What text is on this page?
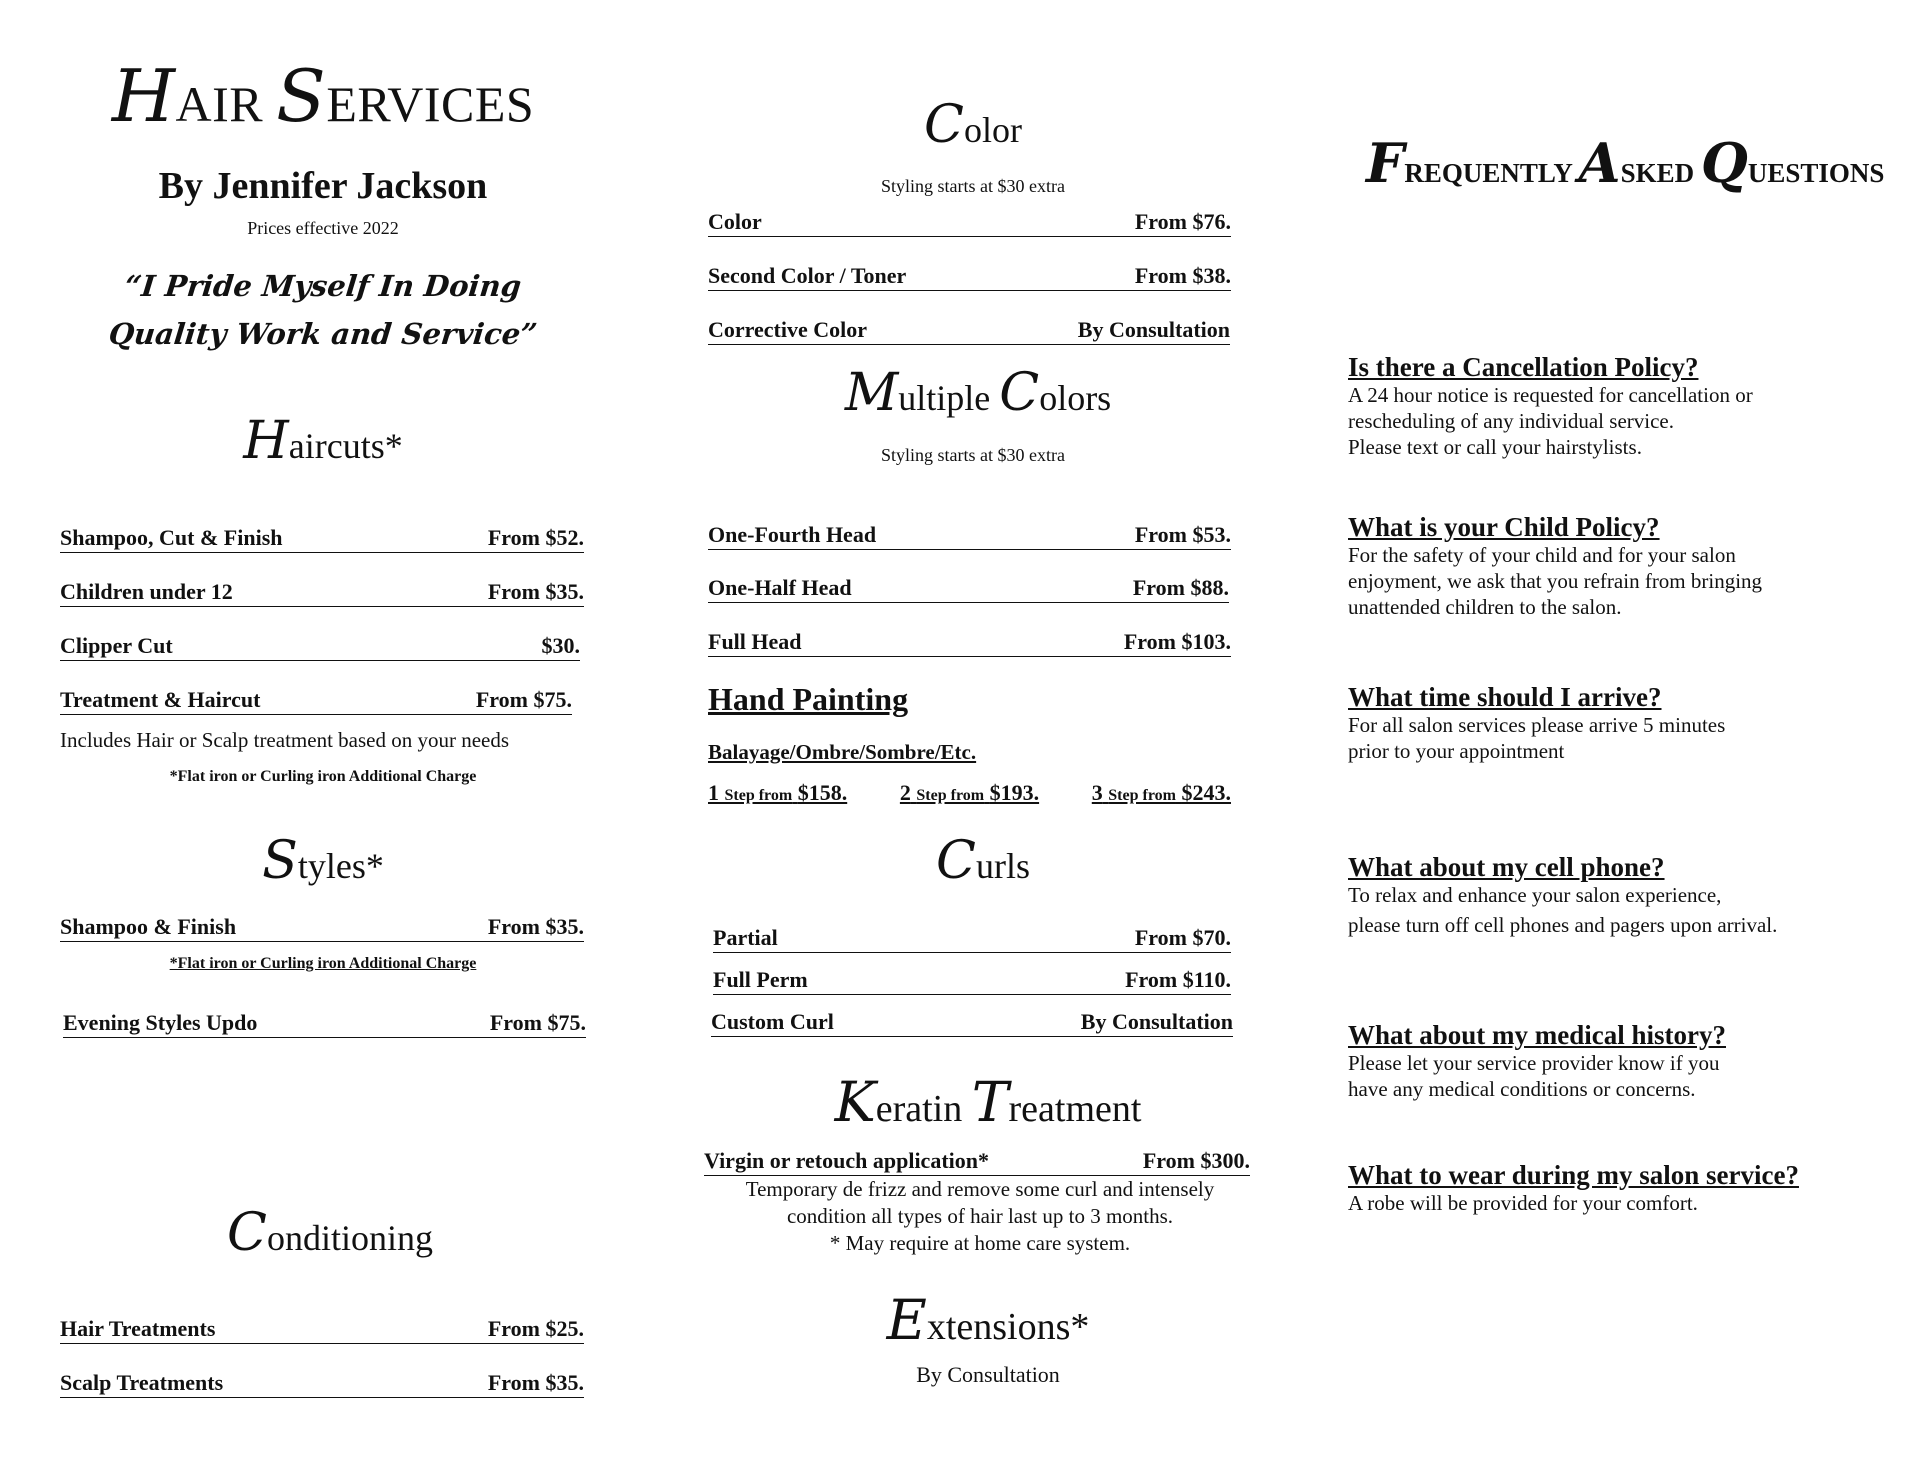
HAIR SERVICES
By Jennifer Jackson
Prices effective 2022
“I Pride Myself In Doing
Quality Work and Service”
Haircuts*
Shampoo, Cut & Finish	From $52.
Children under 12	From $35.
Clipper Cut	$30.
Treatment & Haircut	From $75.
Includes Hair or Scalp treatment based on your needs
*Flat iron or Curling iron Additional Charge
Styles*
Shampoo & Finish	From $35.
*Flat iron or Curling iron Additional Charge
Evening Styles Updo	From $75.
Conditioning
Hair Treatments	From $25.
Scalp Treatments	From $35.
Color
Styling starts at $30 extra
Color	From $76.
Second Color / Toner	From $38.
Corrective Color	By Consultation
Multiple Colors
Styling starts at $30 extra
One-Fourth Head	From $53.
One-Half Head	From $88.
Full Head	From $103.
Hand Painting
Balayage/Ombre/Sombre/Etc.
1 Step from $158. 2 Step from $193. 3 Step from $243.
Curls
Partial	From $70.
Full Perm	From $110.
Custom Curl	By Consultation
Keratin Treatment
Virgin or retouch application*	From $300.
Temporary de frizz and remove some curl and intensely
condition all types of hair last up to 3 months.
* May require at home care system.
Extensions*
By Consultation
FREQUENTLY ASKED QUESTIONS
Is there a Cancellation Policy?
A 24 hour notice is requested for cancellation or
rescheduling of any individual service.
Please text or call your hairstylists.
What is your Child Policy?
For the safety of your child and for your salon
enjoyment, we ask that you refrain from bringing
unattended children to the salon.
What time should I arrive?
For all salon services please arrive 5 minutes
prior to your appointment
What about my cell phone?
To relax and enhance your salon experience,
please turn off cell phones and pagers upon arrival.
What about my medical history?
Please let your service provider know if you
have any medical conditions or concerns.
What to wear during my salon service?
A robe will be provided for your comfort.
